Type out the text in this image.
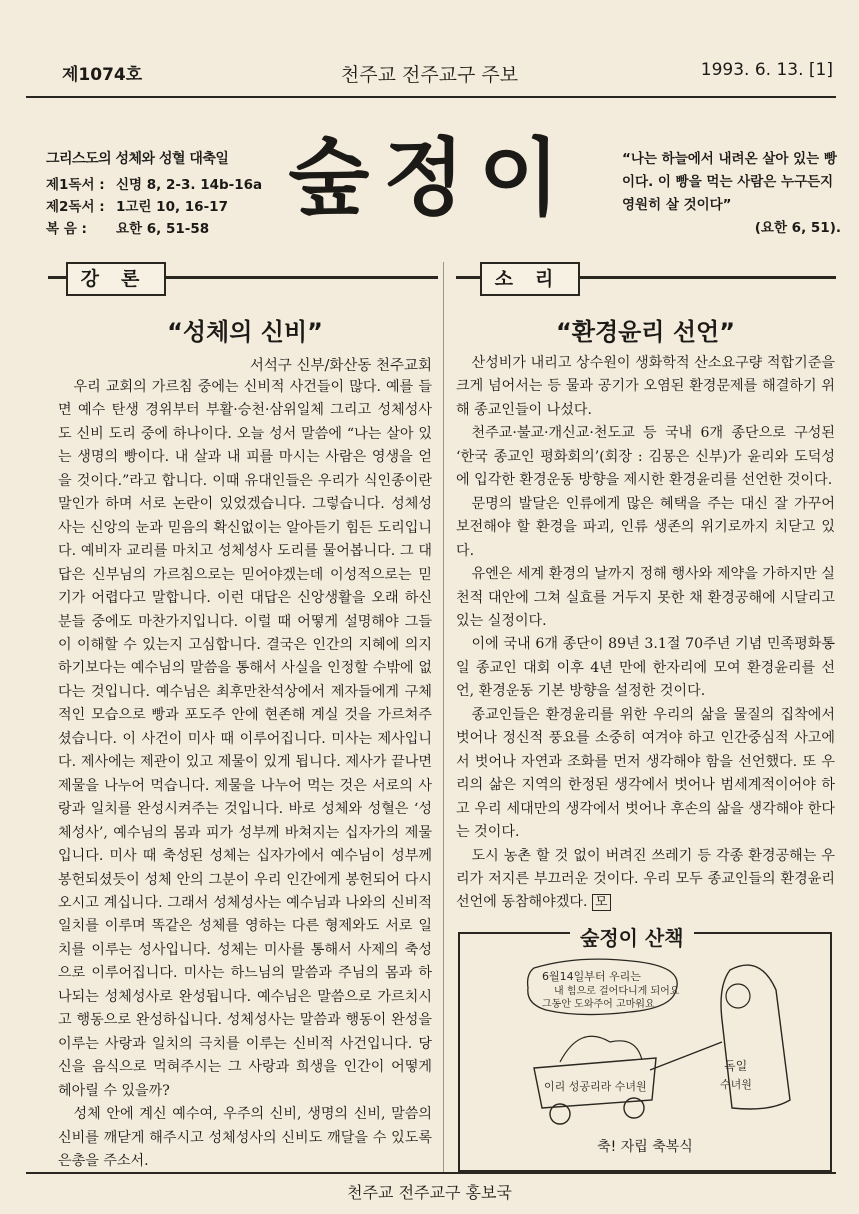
제1074호	천주교 전주교구 주보	1993. 6. 13. [1]
그리스도의 성체와 성혈 대축일
제1독서 : 신명 8, 2-3. 14b-16a
제2독서 : 1고린 10, 16-17
복 음 :	요한 6, 51-58
숲정이	“나는 하늘에서 내려온 살아 있는 빵이다. 이 빵을 먹는 사람은 누구든지 영원히 살 것이다”
(요한 6, 51).
강론	소리
“성체의 신비”
서석구 신부/화산동 천주교회

우리 교회의 가르침 중에는 신비적 사건들이 많다. 예를 들면 예수 탄생 경위부터 부활·승천·삼위일체 그리고 성체성사도 신비 도리 중에 하나이다. 오늘 성서 말씀에 “나는 살아 있는 생명의 빵이다. 내 살과 내 피를 마시는 사람은 영생을 얻을 것이다.”라고 합니다. 이때 유대인들은 우리가 식인종이란 말인가 하며 서로 논란이 있었겠습니다. 그렇습니다. 성체성사는 신앙의 눈과 믿음의 확신없이는 알아듣기 힘든 도리입니다. 예비자 교리를 마치고 성체성사 도리를 물어봅니다. 그 대답은 신부님의 가르침으로는 믿어야겠는데 이성적으로는 믿기가 어렵다고 말합니다. 이런 대답은 신앙생활을 오래 하신 분들 중에도 마찬가지입니다. 이럴 때 어떻게 설명해야 그들이 이해할 수 있는지 고심합니다. 결국은 인간의 지혜에 의지하기보다는 예수님의 말씀을 통해서 사실을 인정할 수밖에 없다는 것입니다. 예수님은 최후만찬석상에서 제자들에게 구체적인 모습으로 빵과 포도주 안에 현존해 계실 것을 가르쳐주셨습니다. 이 사건이 미사 때 이루어집니다. 미사는 제사입니다. 제사에는 제관이 있고 제물이 있게 됩니다. 제사가 끝나면 제물을 나누어 먹습니다. 제물을 나누어 먹는 것은 서로의 사랑과 일치를 완성시켜주는 것입니다. 바로 성체와 성혈은 ‘성체성사’, 예수님의 몸과 피가 성부께 바쳐지는 십자가의 제물입니다. 미사 때 축성된 성체는 십자가에서 예수님이 성부께 봉헌되셨듯이 성체 안의 그분이 우리 인간에게 봉헌되어 다시 오시고 계십니다. 그래서 성체성사는 예수님과 나와의 신비적 일치를 이루며 똑같은 성체를 영하는 다른 형제와도 서로 일치를 이루는 성사입니다. 성체는 미사를 통해서 사제의 축성으로 이루어집니다. 미사는 하느님의 말씀과 주님의 몸과 하나되는 성체성사로 완성됩니다. 예수님은 말씀으로 가르치시고 행동으로 완성하십니다. 성체성사는 말씀과 행동이 완성을 이루는 사랑과 일치의 극치를 이루는 신비적 사건입니다. 당신을 음식으로 먹혀주시는 그 사랑과 희생을 인간이 어떻게 헤아릴 수 있을까?

성체 안에 계신 예수여, 우주의 신비, 생명의 신비, 말씀의 신비를 깨닫게 해주시고 성체성사의 신비도 깨달을 수 있도록 은총을 주소서.

“환경윤리 선언”

산성비가 내리고 상수원이 생화학적 산소요구량 적합기준을 크게 넘어서는 등 물과 공기가 오염된 환경문제를 해결하기 위해 종교인들이 나섰다.

천주교·불교·개신교·천도교 등 국내 6개 종단으로 구성된 ‘한국 종교인 평화회의’(회장 : 김몽은 신부)가 윤리와 도덕성에 입각한 환경운동 방향을 제시한 환경윤리를 선언한 것이다.

문명의 발달은 인류에게 많은 혜택을 주는 대신 잘 가꾸어 보전해야 할 환경을 파괴, 인류 생존의 위기로까지 치닫고 있다.

유엔은 세계 환경의 날까지 정해 행사와 제약을 가하지만 실천적 대안에 그쳐 실효를 거두지 못한 채 환경공해에 시달리고 있는 실정이다.

이에 국내 6개 종단이 89년 3.1절 70주년 기념 민족평화통일 종교인 대회 이후 4년 만에 한자리에 모여 환경윤리를 선언, 환경운동 기본 방향을 설정한 것이다.

종교인들은 환경윤리를 위한 우리의 삶을 물질의 집착에서 벗어나 정신적 풍요를 소중히 여겨야 하고 인간중심적 사고에서 벗어나 자연과 조화를 먼저 생각해야 함을 선언했다. 또 우리의 삶은 지역의 한정된 생각에서 벗어나 범세계적이어야 하고 우리 세대만의 생각에서 벗어나 후손의 삶을 생각해야 한다는 것이다.

도시 농촌 할 것 없이 버려진 쓰레기 등 각종 환경공해는 우리가 저지른 부끄러운 것이다. 우리 모두 종교인들의 환경윤리 선언에 동참해야겠다. 모

숲정이 산책
6월14일부터 우리는
내 힘으로 걸어다니게 되어요
그동안 도와주어 고마워요
독일
수녀원
이리 성공리라 수녀원
축! 자립 축복식
천주교 전주교구 홍보국
